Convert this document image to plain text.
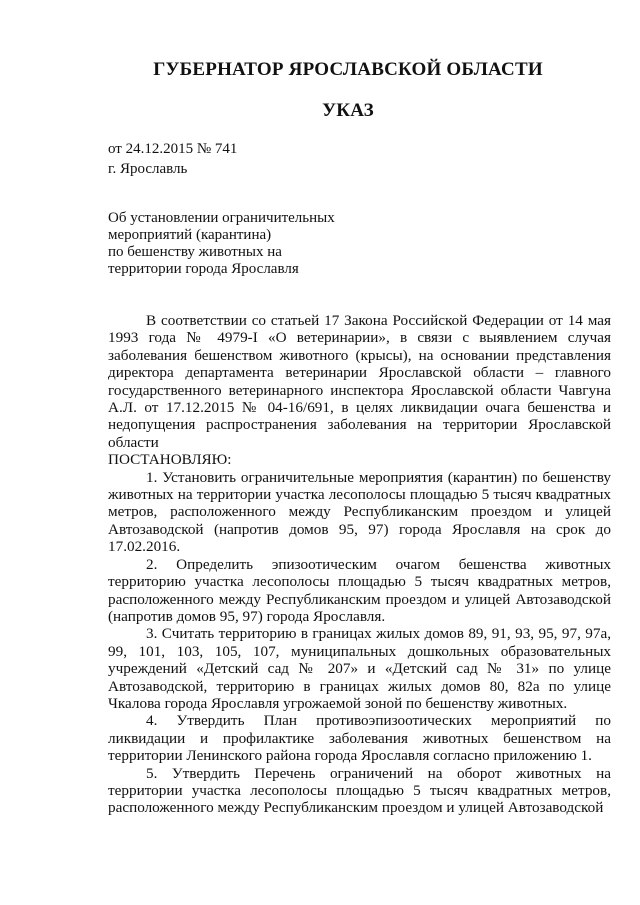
ГУБЕРНАТОР ЯРОСЛАВСКОЙ ОБЛАСТИ
УКАЗ
от 24.12.2015 № 741
г. Ярославль
Об установлении ограничительных
мероприятий (карантина)
по бешенству животных на
территории города Ярославля

В соответствии со статьей 17 Закона Российской Федерации от 14 мая 1993 года № 4979-I «О ветеринарии», в связи с выявлением случая заболевания бешенством животного (крысы), на основании представления директора департамента ветеринарии Ярославской области – главного государственного ветеринарного инспектора Ярославской области Чавгуна А.Л. от 17.12.2015 № 04-16/691, в целях ликвидации очага бешенства и недопущения распространения заболевания на территории Ярославской области

ПОСТАНОВЛЯЮ:

1. Установить ограничительные мероприятия (карантин) по бешенству животных на территории участка лесополосы площадью 5 тысяч квадратных метров, расположенного между Республиканским проездом и улицей Автозаводской (напротив домов 95, 97) города Ярославля на срок до 17.02.2016.

2. Определить эпизоотическим очагом бешенства животных территорию участка лесополосы площадью 5 тысяч квадратных метров, расположенного между Республиканским проездом и улицей Автозаводской (напротив домов 95, 97) города Ярославля.

3. Считать территорию в границах жилых домов 89, 91, 93, 95, 97, 97а, 99, 101, 103, 105, 107, муниципальных дошкольных образовательных учреждений «Детский сад № 207» и «Детский сад № 31» по улице Автозаводской, территорию в границах жилых домов 80, 82а по улице Чкалова города Ярославля угрожаемой зоной по бешенству животных.

4. Утвердить План противоэпизоотических мероприятий по ликвидации и профилактике заболевания животных бешенством на территории Ленинского района города Ярославля согласно приложению 1.

5. Утвердить Перечень ограничений на оборот животных на территории участка лесополосы площадью 5 тысяч квадратных метров, расположенного между Республиканским проездом и улицей Автозаводской
